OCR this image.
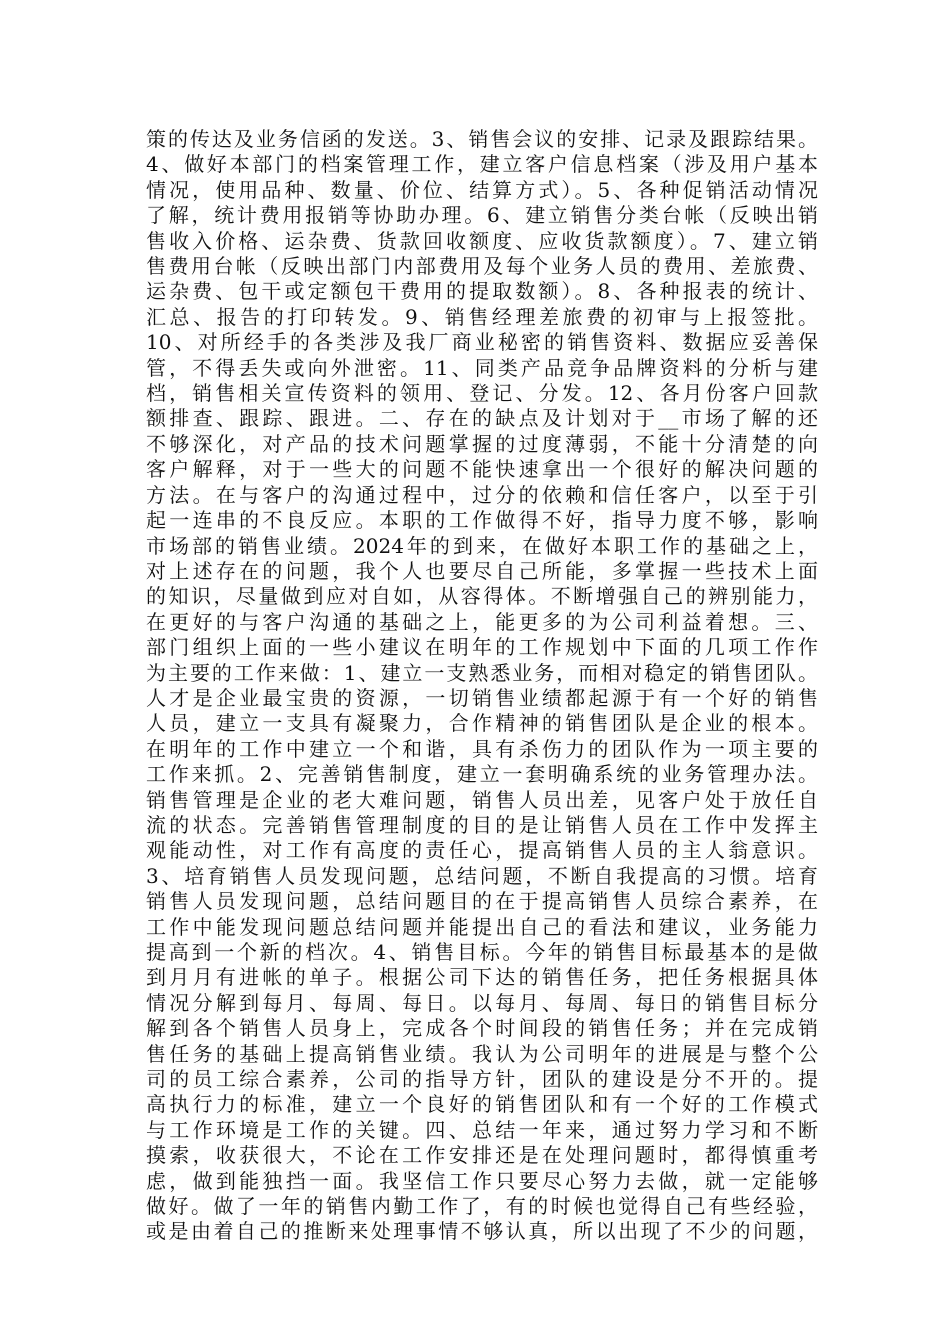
策的传达及业务信函的发送。3、销售会议的安排、记录及跟踪结果。
4、做好本部门的档案管理工作，建立客户信息档案（涉及用户基本
情况，使用品种、数量、价位、结算方式）。5、各种促销活动情况
了解，统计费用报销等协助办理。6、建立销售分类台帐（反映出销
售收入价格、运杂费、货款回收额度、应收货款额度）。7、建立销
售费用台帐（反映出部门内部费用及每个业务人员的费用、差旅费、
运杂费、包干或定额包干费用的提取数额）。8、各种报表的统计、
汇总、报告的打印转发。9、销售经理差旅费的初审与上报签批。
10、对所经手的各类涉及我厂商业秘密的销售资料、数据应妥善保
管，不得丢失或向外泄密。11、同类产品竞争品牌资料的分析与建
档，销售相关宣传资料的领用、登记、分发。12、各月份客户回款
额排查、跟踪、跟进。二、存在的缺点及计划对于__市场了解的还
不够深化，对产品的技术问题掌握的过度薄弱，不能十分清楚的向
客户解释，对于一些大的问题不能快速拿出一个很好的解决问题的
方法。在与客户的沟通过程中，过分的依赖和信任客户，以至于引
起一连串的不良反应。本职的工作做得不好，指导力度不够，影响
市场部的销售业绩。2024年的到来，在做好本职工作的基础之上，
对上述存在的问题，我个人也要尽自己所能，多掌握一些技术上面
的知识，尽量做到应对自如，从容得体。不断增强自己的辨别能力，
在更好的与客户沟通的基础之上，能更多的为公司利益着想。三、
部门组织上面的一些小建议在明年的工作规划中下面的几项工作作
为主要的工作来做：1、建立一支熟悉业务，而相对稳定的销售团队。
人才是企业最宝贵的资源，一切销售业绩都起源于有一个好的销售
人员，建立一支具有凝聚力，合作精神的销售团队是企业的根本。
在明年的工作中建立一个和谐，具有杀伤力的团队作为一项主要的
工作来抓。2、完善销售制度，建立一套明确系统的业务管理办法。
销售管理是企业的老大难问题，销售人员出差，见客户处于放任自
流的状态。完善销售管理制度的目的是让销售人员在工作中发挥主
观能动性，对工作有高度的责任心，提高销售人员的主人翁意识。
3、培育销售人员发现问题，总结问题，不断自我提高的习惯。培育
销售人员发现问题，总结问题目的在于提高销售人员综合素养，在
工作中能发现问题总结问题并能提出自己的看法和建议，业务能力
提高到一个新的档次。4、销售目标。今年的销售目标最基本的是做
到月月有进帐的单子。根据公司下达的销售任务，把任务根据具体
情况分解到每月、每周、每日。以每月、每周、每日的销售目标分
解到各个销售人员身上，完成各个时间段的销售任务；并在完成销
售任务的基础上提高销售业绩。我认为公司明年的进展是与整个公
司的员工综合素养，公司的指导方针，团队的建设是分不开的。提
高执行力的标准，建立一个良好的销售团队和有一个好的工作模式
与工作环境是工作的关键。四、总结一年来，通过努力学习和不断
摸索，收获很大，不论在工作安排还是在处理问题时，都得慎重考
虑，做到能独挡一面。我坚信工作只要尽心努力去做，就一定能够
做好。做了一年的销售内勤工作了，有的时候也觉得自己有些经验，
或是由着自己的推断来处理事情不够认真，所以出现了不少的问题，
